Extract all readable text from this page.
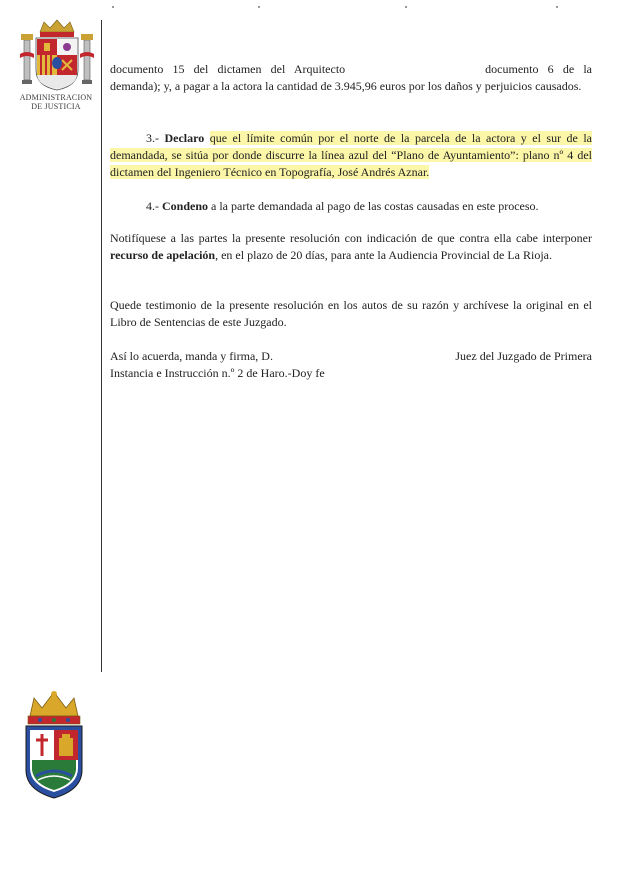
ADMINISTRACION
DE JUSTICIA
documento 15 del dictamen del Arquitecto	documento 6 de la demanda); y, a pagar a la actora la cantidad de 3.945,96 euros por los daños y perjuicios causados.
3.- Declaro que el límite común por el norte de la parcela de la actora y el sur de la demandada, se sitúa por donde discurre la línea azul del “Plano de Ayuntamiento”: plano nº 4 del dictamen del Ingeniero Técnico en Topografía, José Andrés Aznar.
4.- Condeno a la parte demandada al pago de las costas causadas en este proceso.
Notifíquese a las partes la presente resolución con indicación de que contra ella cabe interponer recurso de apelación, en el plazo de 20 días, para ante la Audiencia Provincial de La Rioja.
Quede testimonio de la presente resolución en los autos de su razón y archívese la original en el Libro de Sentencias de este Juzgado.
Así lo acuerda, manda y firma, D.	Juez del Juzgado de Primera
Instancia e Instrucción n.º 2 de Haro.-Doy fe
